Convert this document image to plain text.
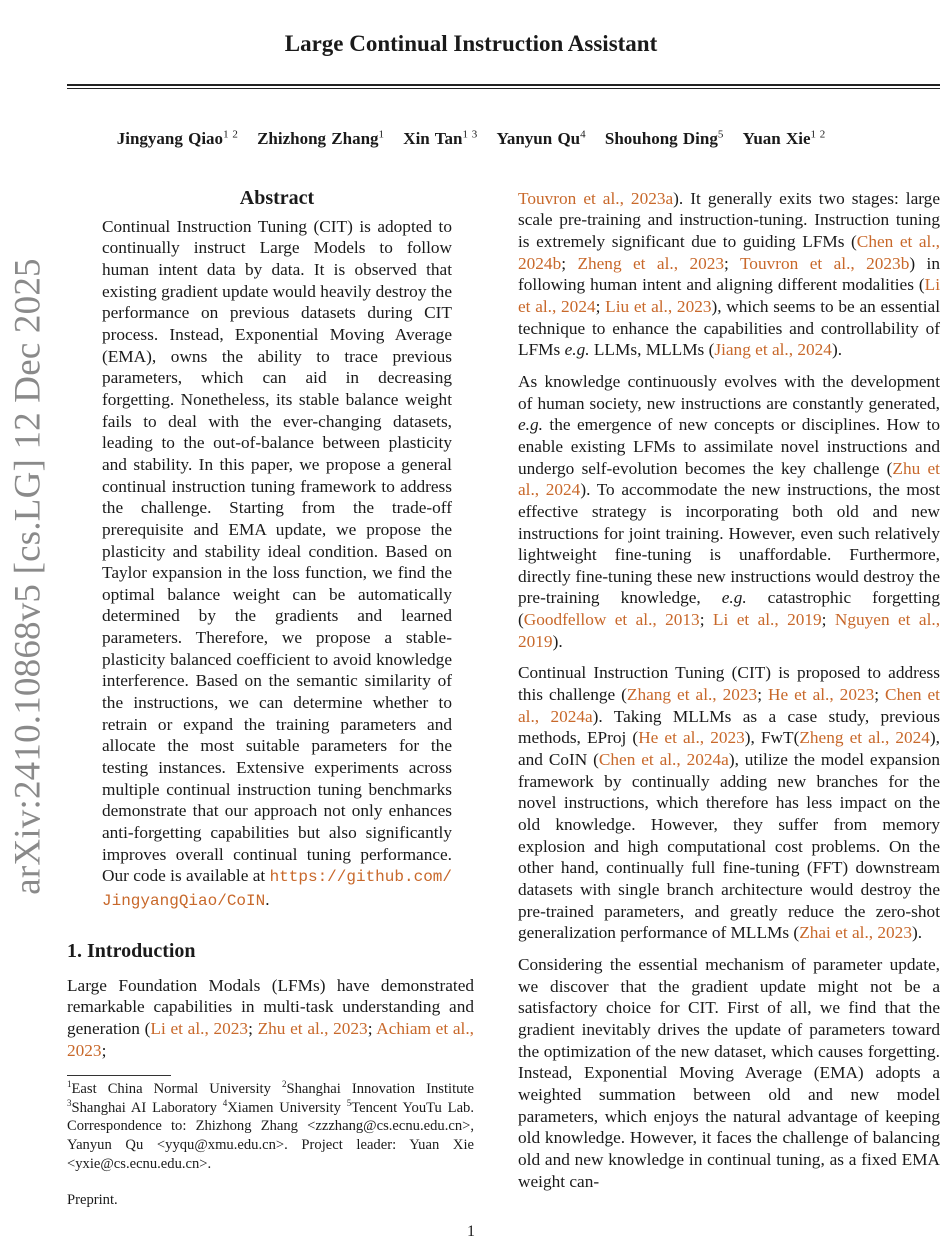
Large Continual Instruction Assistant
Jingyang Qiao$^{1 2}$ Zhizhong Zhang$^1$ Xin Tan$^{1 3}$ Yanyun Qu$^4$ Shouhong Ding$^5$ Yuan Xie$^{1 2}$
arXiv:2410.10868v5 [cs.LG] 12 Dec 2025
Abstract

Continual Instruction Tuning (CIT) is adopted to continually instruct Large Models to follow human intent data by data. It is observed that existing gradient update would heavily destroy the performance on previous datasets during CIT process. Instead, Exponential Moving Average (EMA), owns the ability to trace previous parameters, which can aid in decreasing forgetting. Nonetheless, its stable balance weight fails to deal with the ever-changing datasets, leading to the out-of-balance between plasticity and stability. In this paper, we propose a general continual instruction tuning framework to address the challenge. Starting from the trade-off prerequisite and EMA update, we propose the plasticity and stability ideal condition. Based on Taylor expansion in the loss function, we find the optimal balance weight can be automatically determined by the gradients and learned parameters. Therefore, we propose a stable-plasticity balanced coefficient to avoid knowledge interference. Based on the semantic similarity of the instructions, we can determine whether to retrain or expand the training parameters and allocate the most suitable parameters for the testing instances. Extensive experiments across multiple continual instruction tuning benchmarks demonstrate that our approach not only enhances anti-forgetting capabilities but also significantly improves overall continual tuning performance. Our code is available at https://github.com/JingyangQiao/CoIN.

1. Introduction

Large Foundation Modals (LFMs) have demonstrated remarkable capabilities in multi-task understanding and generation (Li et al., 2023; Zhu et al., 2023; Achiam et al., 2023;

$^1$East China Normal University $^2$Shanghai Innovation Institute $^3$Shanghai AI Laboratory $^4$Xiamen University $^5$Tencent YouTu Lab. Correspondence to: Zhizhong Zhang <zzzhang@cs.ecnu.edu.cn>, Yanyun Qu <yyqu@xmu.edu.cn>. Project leader: Yuan Xie <yxie@cs.ecnu.edu.cn>.
Preprint.

Touvron et al., 2023a). It generally exits two stages: large scale pre-training and instruction-tuning. Instruction tuning is extremely significant due to guiding LFMs (Chen et al., 2024b; Zheng et al., 2023; Touvron et al., 2023b) in following human intent and aligning different modalities (Li et al., 2024; Liu et al., 2023), which seems to be an essential technique to enhance the capabilities and controllability of LFMs e.g. LLMs, MLLMs (Jiang et al., 2024).

As knowledge continuously evolves with the development of human society, new instructions are constantly generated, e.g. the emergence of new concepts or disciplines. How to enable existing LFMs to assimilate novel instructions and undergo self-evolution becomes the key challenge (Zhu et al., 2024). To accommodate the new instructions, the most effective strategy is incorporating both old and new instructions for joint training. However, even such relatively lightweight fine-tuning is unaffordable. Furthermore, directly fine-tuning these new instructions would destroy the pre-training knowledge, e.g. catastrophic forgetting (Goodfellow et al., 2013; Li et al., 2019; Nguyen et al., 2019).

Continual Instruction Tuning (CIT) is proposed to address this challenge (Zhang et al., 2023; He et al., 2023; Chen et al., 2024a). Taking MLLMs as a case study, previous methods, EProj (He et al., 2023), FwT(Zheng et al., 2024), and CoIN (Chen et al., 2024a), utilize the model expansion framework by continually adding new branches for the novel instructions, which therefore has less impact on the old knowledge. However, they suffer from memory explosion and high computational cost problems. On the other hand, continually full fine-tuning (FFT) downstream datasets with single branch architecture would destroy the pre-trained parameters, and greatly reduce the zero-shot generalization performance of MLLMs (Zhai et al., 2023).

Considering the essential mechanism of parameter update, we discover that the gradient update might not be a satisfactory choice for CIT. First of all, we find that the gradient inevitably drives the update of parameters toward the optimization of the new dataset, which causes forgetting. Instead, Exponential Moving Average (EMA) adopts a weighted summation between old and new model parameters, which enjoys the natural advantage of keeping old knowledge. However, it faces the challenge of balancing old and new knowledge in continual tuning, as a fixed EMA weight can-

1
